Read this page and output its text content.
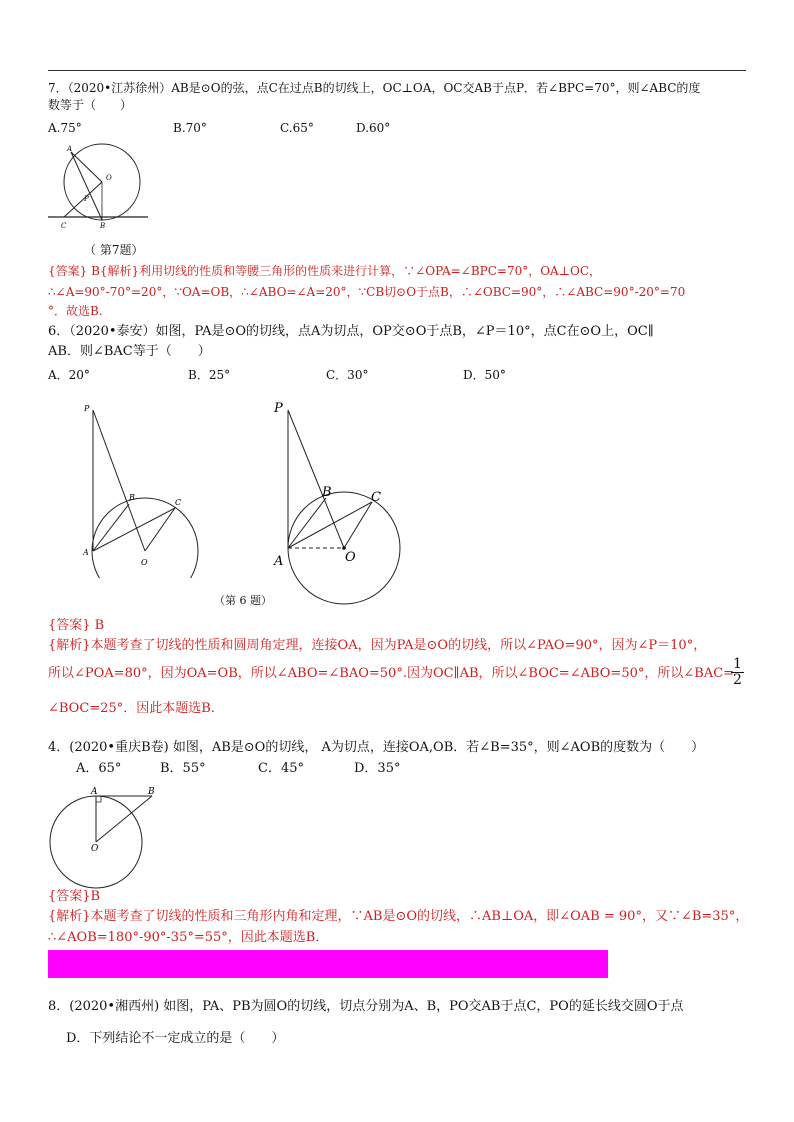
7．（2020•江苏徐州）AB是⊙O的弦，点C在过点B的切线上，OC⊥OA，OC交AB于点P．若∠BPC=70°，则∠ABC的度
数等于（　　）
A.75°	B.70°	C.65°	D.60°
A
O
P
C	B
（ 第7题）
{答案} B{解析}利用切线的性质和等腰三角形的性质来进行计算，∵∠OPA=∠BPC=70°，OA⊥OC，
∴∠A=90°-70°=20°，∵OA=OB，∴∠ABO=∠A=20°，∵CB切⊙O于点B，∴∠OBC=90°，∴∠ABC=90°-20°=70
°．故选B.
6．（2020•泰安）如图，PA是⊙O的切线，点A为切点，OP交⊙O于点B，∠P＝10°，点C在⊙O上，OC∥
AB．则∠BAC等于（　　）
A．20°	B．25°	C．30°	D．50°
P
B
C
A
O
P
B	C
A	O
（第 6 题）
{答案} B
{解析}本题考查了切线的性质和圆周角定理，连接OA，因为PA是⊙O的切线，所以∠PAO=90°，因为∠P＝10°，
所以∠POA=80°，因为OA=OB，所以∠ABO=∠BAO=50°.因为OC∥AB，所以∠BOC=∠ABO=50°，所以∠BAC=
$\frac{1}{2}$
∠BOC=25°．因此本题选B.
4．(2020•重庆B卷) 如图，AB是⊙O的切线， A为切点，连接OA,OB．若∠B=35°，则∠AOB的度数为（　　）
A．65°	B．55°	C．45°	D．35°
A	B
O
{答案}B
{解析}本题考查了切线的性质和三角形内角和定理，∵AB是⊙O的切线，∴AB⊥OA，即∠OAB = 90°，又∵∠B=35°，
∴∠AOB=180°-90°-35°=55°，因此本题选B．
8．(2020•湘西州) 如图，PA、PB为圆O的切线，切点分别为A、B，PO交AB于点C，PO的延长线交圆O于点
D．下列结论不一定成立的是（　　）
